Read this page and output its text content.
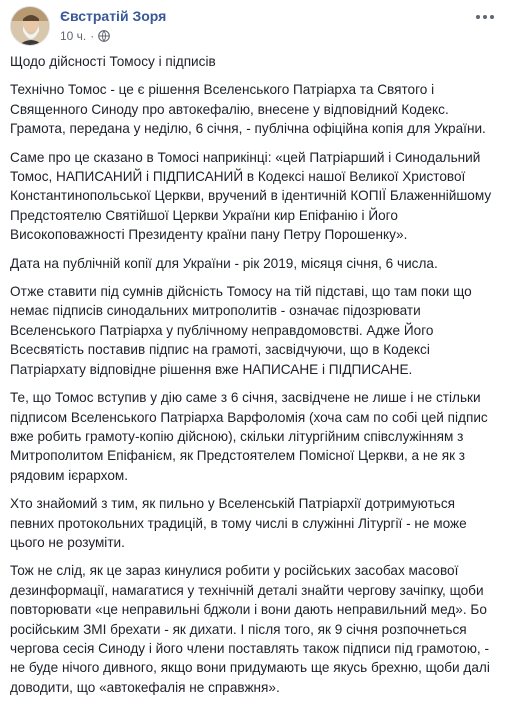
Євстратій Зоря
10 ч. ·

Щодо дійсності Томосу і підписів

Технічно Томос - це є рішення Вселенського Патріарха та Святого і Священного Синоду про автокефалію, внесене у відповідний Кодекс. Грамота, передана у неділю, 6 січня, - публічна офіційна копія для України.

Саме про це сказано в Томосі наприкінці: «цей Патріарший і Синодальний Томос, НАПИСАНИЙ і ПІДПИСАНИЙ в Кодексі нашої Великої Христової Константинопольської Церкви, вручений в ідентичній КОПІЇ Блаженнійшому Предстоятелю Святійшої Церкви України кир Епіфанію і Його Високоповажності Президенту країни пану Петру Порошенку».

Дата на публічній копії для України - рік 2019, місяця січня, 6 числа.

Отже ставити під сумнів дійсність Томосу на тій підставі, що там поки що немає підписів синодальних митрополитів - означає підозрювати Вселенського Патріарха у публічному неправдомовстві. Адже Його Всесвятість поставив підпис на грамоті, засвідчуючи, що в Кодексі Патріархату відповідне рішення вже НАПИСАНЕ і ПІДПИСАНЕ.

Те, що Томос вступив у дію саме з 6 січня, засвідчене не лише і не стільки підписом Вселенського Патріарха Варфоломія (хоча сам по собі цей підпис вже робить грамоту-копію дійсною), скільки літургійним співслужінням з Митрополитом Епіфанієм, як Предстоятелем Помісної Церкви, а не як з рядовим ієрархом.

Хто знайомий з тим, як пильно у Вселенській Патріархії дотримуються певних протокольних традицій, в тому числі в служінні Літургії - не може цього не розуміти.

Тож не слід, як це зараз кинулися робити у російських засобах масової дезинформації, намагатися у технічній деталі знайти чергову зачіпку, щоби повторювати «це неправильні бджоли і вони дають неправильний мед». Бо російським ЗМІ брехати - як дихати. І після того, як 9 січня розпочнеться чергова сесія Синоду і його члени поставлять також підписи під грамотою, - не буде нічого дивного, якщо вони придумають ще якусь брехню, щоби далі доводити, що «автокефалія не справжня».
